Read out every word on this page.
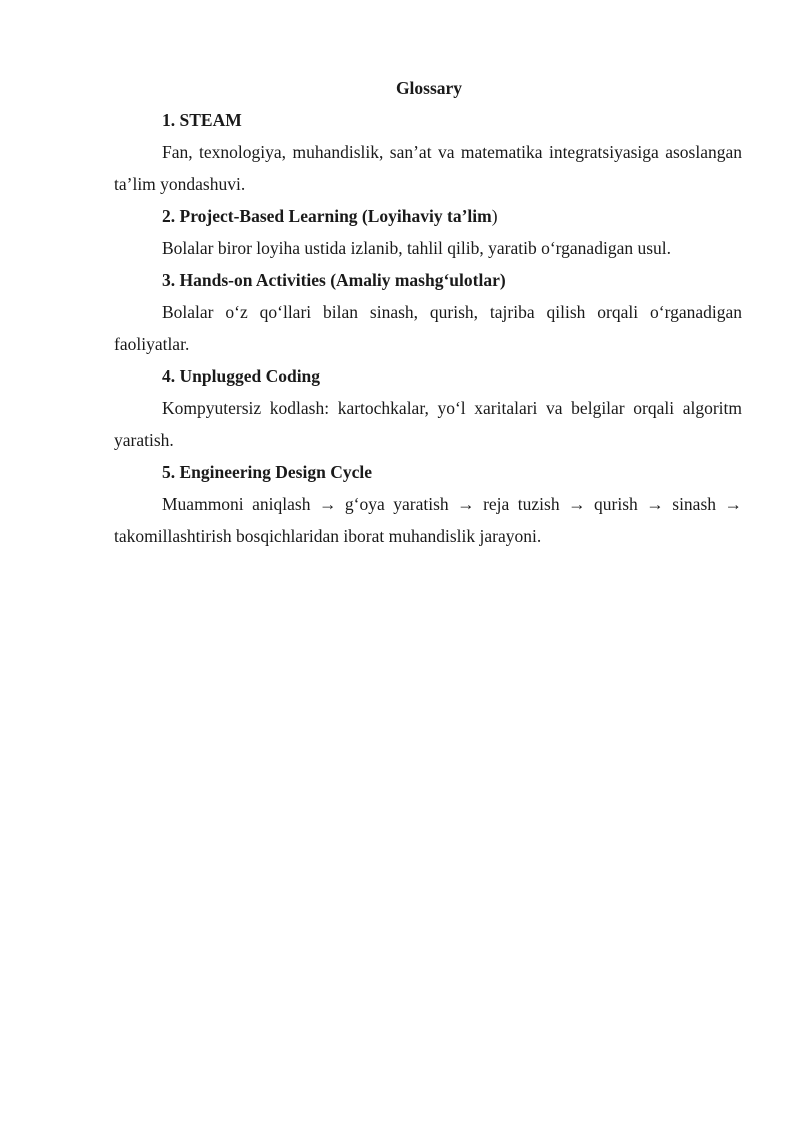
Glossary

1. STEAM

Fan, texnologiya, muhandislik, san’at va matematika integratsiyasiga asoslangan ta’lim yondashuvi.

2. Project-Based Learning (Loyihaviy ta’lim)

Bolalar biror loyiha ustida izlanib, tahlil qilib, yaratib o‘rganadigan usul.

3. Hands-on Activities (Amaliy mashg‘ulotlar)

Bolalar o‘z qo‘llari bilan sinash, qurish, tajriba qilish orqali o‘rganadigan faoliyatlar.

4. Unplugged Coding

Kompyutersiz kodlash: kartochkalar, yo‘l xaritalari va belgilar orqali algoritm yaratish.

5. Engineering Design Cycle

Muammoni aniqlash → g‘oya yaratish → reja tuzish → qurish → sinash → takomillashtirish bosqichlaridan iborat muhandislik jarayoni.
